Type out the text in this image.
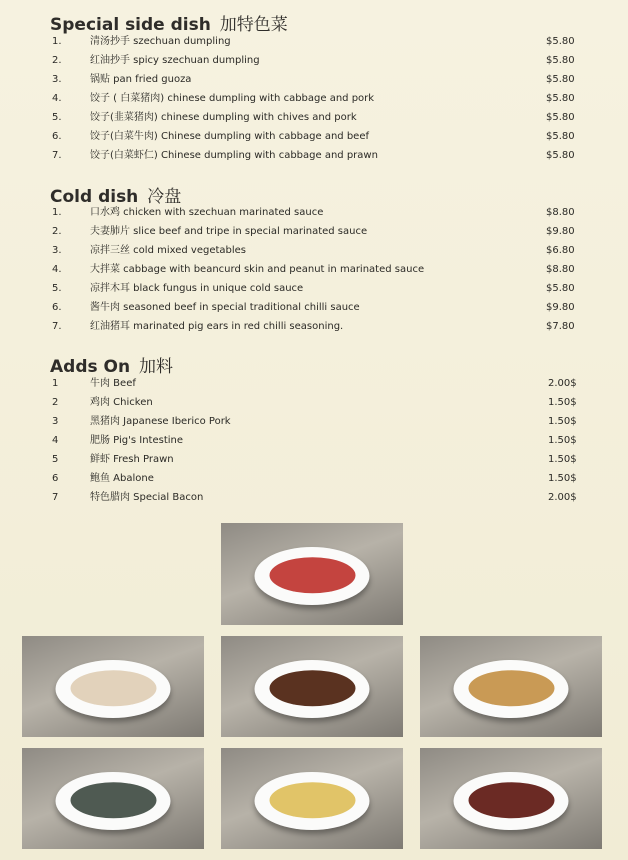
Special side dish 加特色菜
1.	清汤抄手 szechuan dumpling	$5.80
2.	红油抄手 spicy szechuan dumpling	$5.80
3.	锅贴 pan fried guoza	$5.80
4.	饺子 ( 白菜猪肉) chinese dumpling with cabbage and pork	$5.80
5.	饺子(韭菜猪肉) chinese dumpling with chives and pork	$5.80
6.	饺子(白菜牛肉) Chinese dumpling with cabbage and beef	$5.80
7.	饺子(白菜虾仁) Chinese dumpling with cabbage and prawn	$5.80
Cold dish 冷盘
1.	口水鸡 chicken with szechuan marinated sauce	$8.80
2.	夫妻肺片 slice beef and tripe in special marinated sauce	$9.80
3.	凉拌三丝 cold mixed vegetables	$6.80
4.	大拌菜 cabbage with beancurd skin and peanut in marinated sauce	$8.80
5.	凉拌木耳 black fungus in unique cold sauce	$5.80
6.	酱牛肉 seasoned beef in special traditional chilli sauce	$9.80
7.	红油猪耳 marinated pig ears in red chilli seasoning.	$7.80
Adds On 加料
1	牛肉 Beef	2.00$
2	鸡肉 Chicken	1.50$
3	黑猪肉 Japanese Iberico Pork	1.50$
4	肥肠 Pig's Intestine	1.50$
5	鲜虾 Fresh Prawn	1.50$
6	鲍鱼 Abalone	1.50$
7	特色腊肉 Special Bacon	2.00$
